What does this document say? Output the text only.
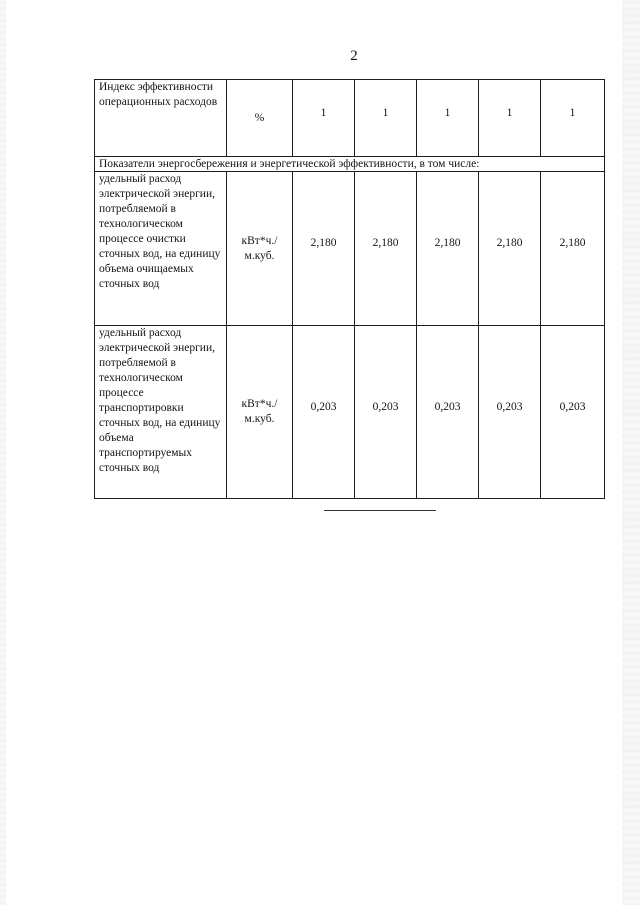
2
Индекс эффективности операционных расходов	%	1	1	1	1	1
Показатели энергосбережения и энергетической эффективности, в том числе:						
удельный расход электрической энергии, потребляемой в технологическом процессе очистки сточных вод, на единицу объема очищаемых сточных вод	кВт*ч./м.куб.	2,180	2,180	2,180	2,180	2,180
удельный расход электрической энергии, потребляемой в технологическом процессе транспортировки сточных вод, на единицу объема транспортируемых сточных вод	кВт*ч./м.куб.	0,203	0,203	0,203	0,203	0,203
